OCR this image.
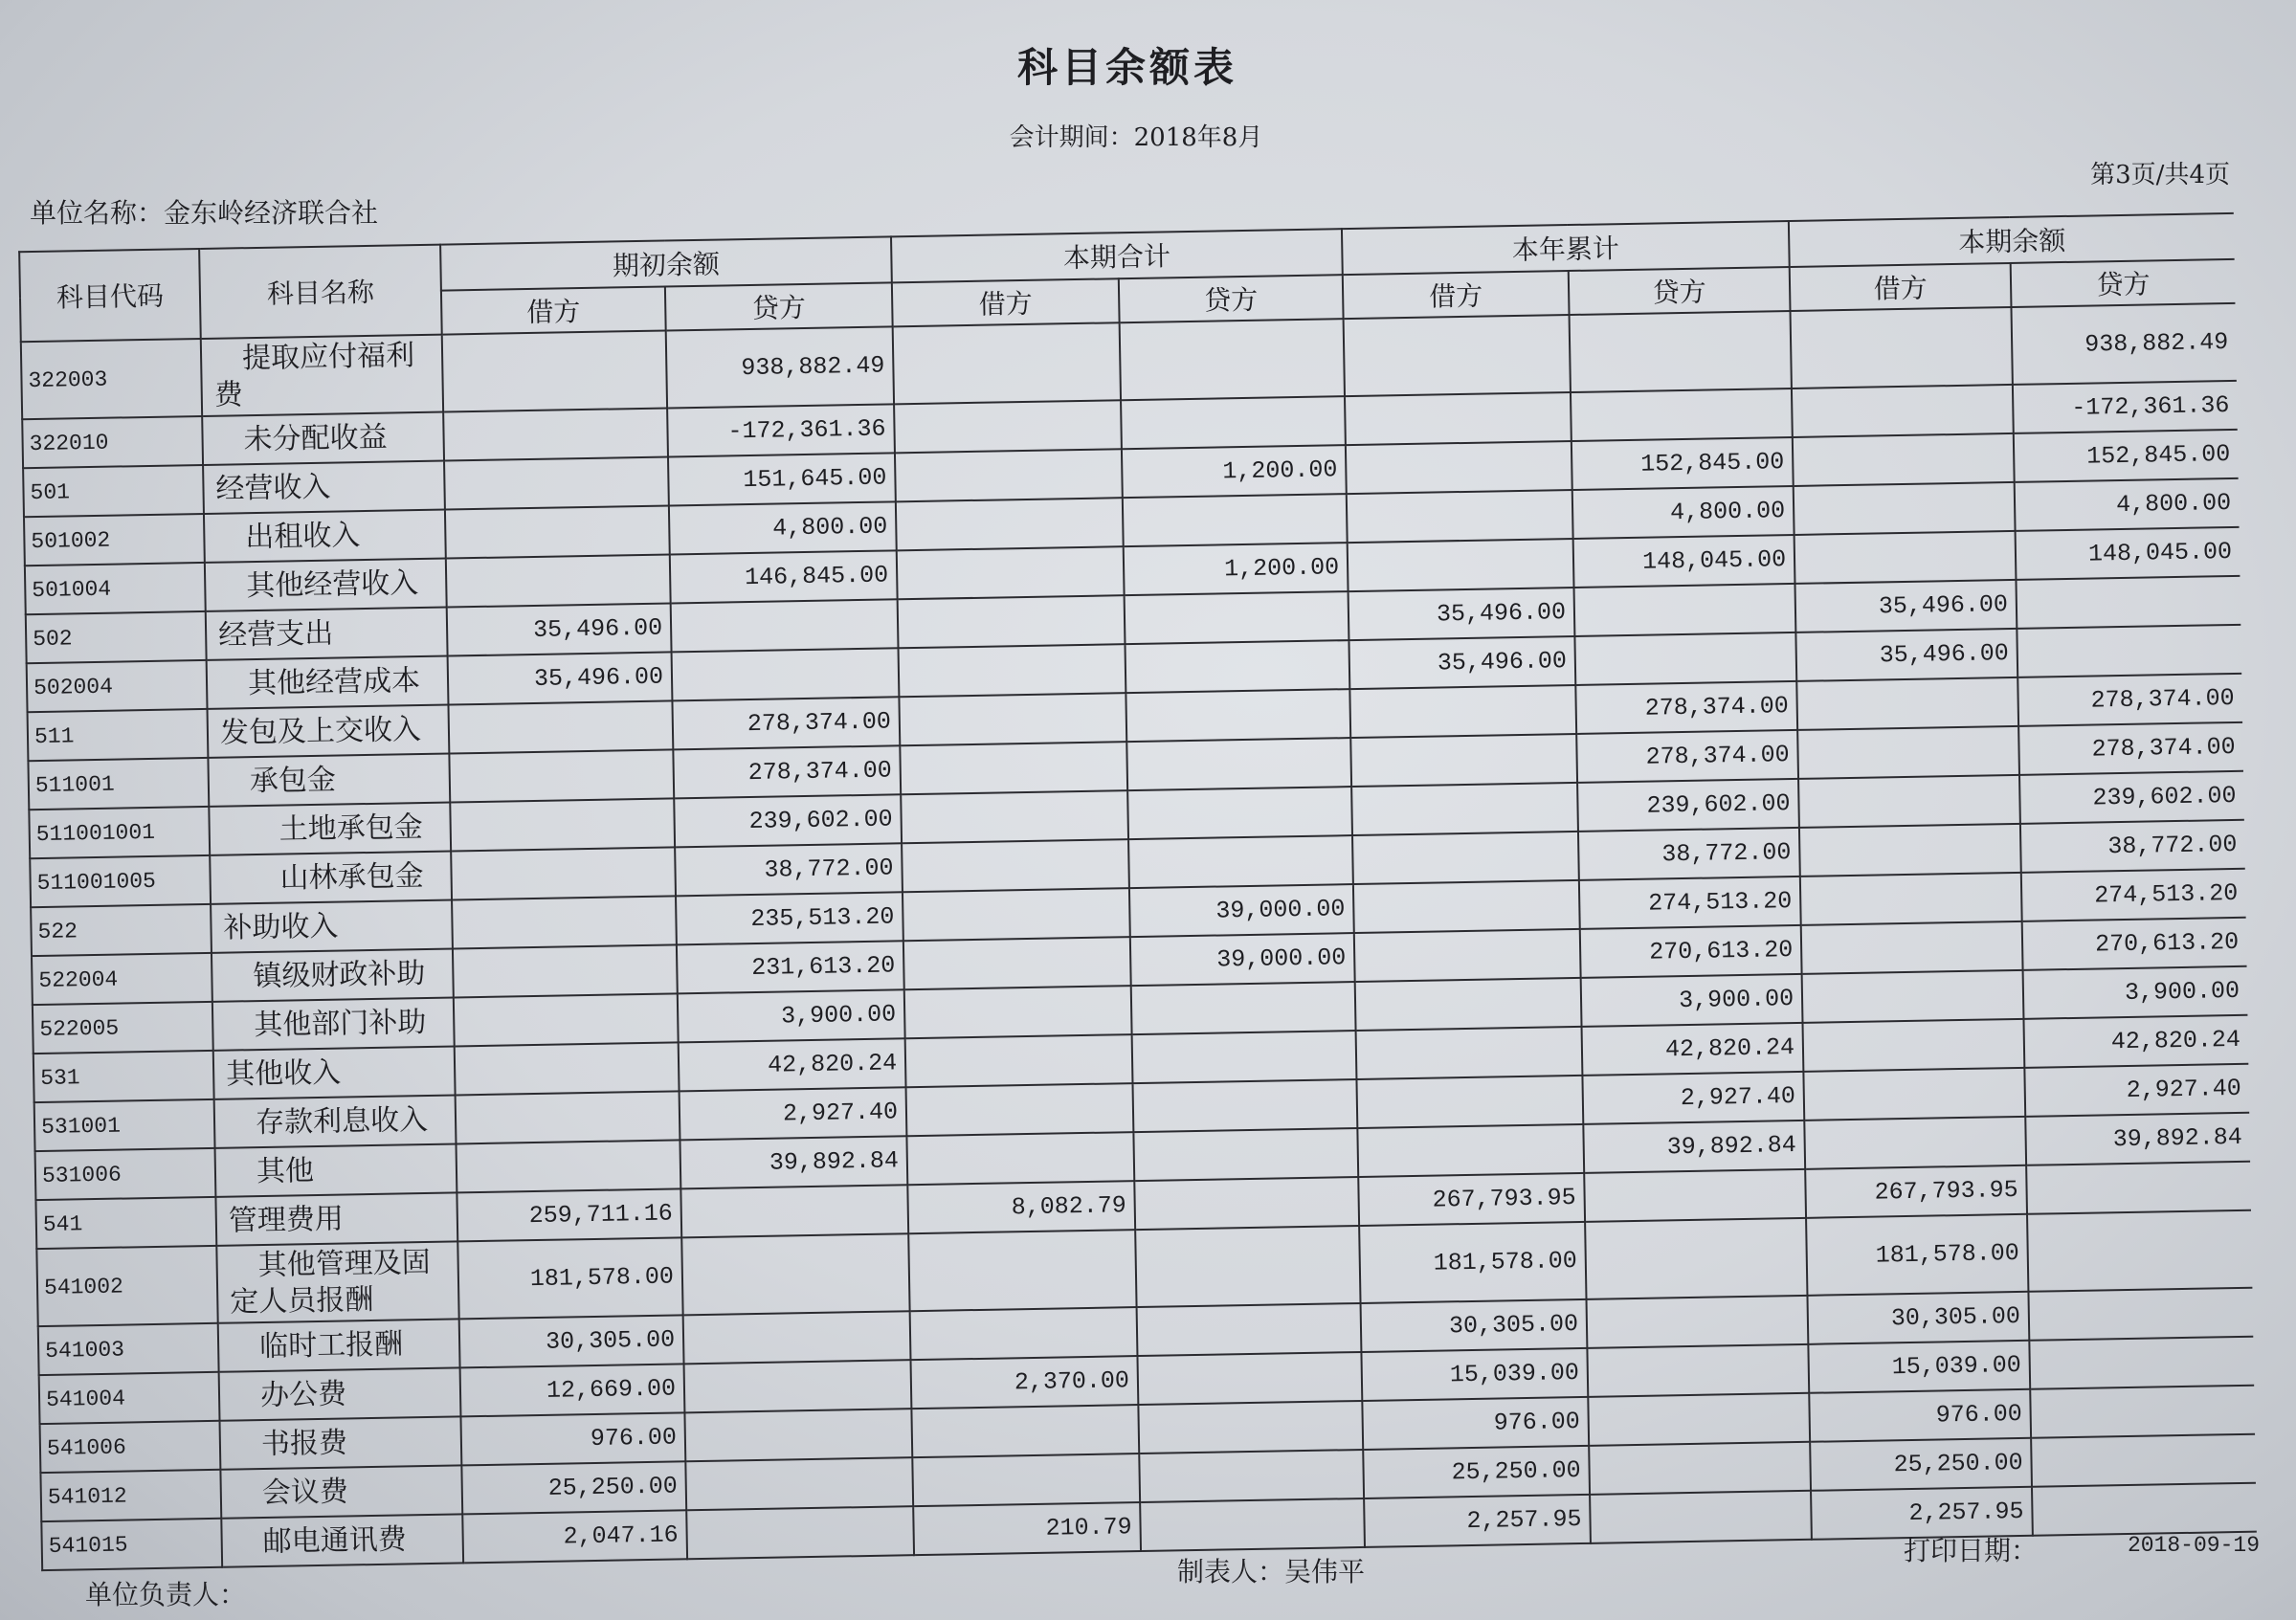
科目余额表
会计期间：2018年8月
第3页/共4页
单位名称：金东岭经济联合社
科目代码	科目名称	期初余额		本期合计		本年累计		本期余额	
		借方	贷方	借方	贷方	借方	贷方	借方	贷方
322003	提取应付福利费		938,882.49						938,882.49
322010	未分配收益		-172,361.36						-172,361.36
501	经营收入		151,645.00		1,200.00		152,845.00		152,845.00
501002	出租收入		4,800.00				4,800.00		4,800.00
501004	其他经营收入		146,845.00		1,200.00		148,045.00		148,045.00
502	经营支出	35,496.00				35,496.00		35,496.00	
502004	其他经营成本	35,496.00				35,496.00		35,496.00	
511	发包及上交收入		278,374.00				278,374.00		278,374.00
511001	承包金		278,374.00				278,374.00		278,374.00
511001001	土地承包金		239,602.00				239,602.00		239,602.00
511001005	山林承包金		38,772.00				38,772.00		38,772.00
522	补助收入		235,513.20		39,000.00		274,513.20		274,513.20
522004	镇级财政补助		231,613.20		39,000.00		270,613.20		270,613.20
522005	其他部门补助		3,900.00				3,900.00		3,900.00
531	其他收入		42,820.24				42,820.24		42,820.24
531001	存款利息收入		2,927.40				2,927.40		2,927.40
531006	其他		39,892.84				39,892.84		39,892.84
541	管理费用	259,711.16		8,082.79		267,793.95		267,793.95	
541002	其他管理及固定人员报酬	181,578.00				181,578.00		181,578.00	
541003	临时工报酬	30,305.00				30,305.00		30,305.00	
541004	办公费	12,669.00		2,370.00		15,039.00		15,039.00	
541006	书报费	976.00				976.00		976.00	
541012	会议费	25,250.00				25,250.00		25,250.00	
541015	邮电通讯费	2,047.16		210.79		2,257.95		2,257.95	
单位负责人：
制表人：吴伟平
打印日期：	2018-09-19
